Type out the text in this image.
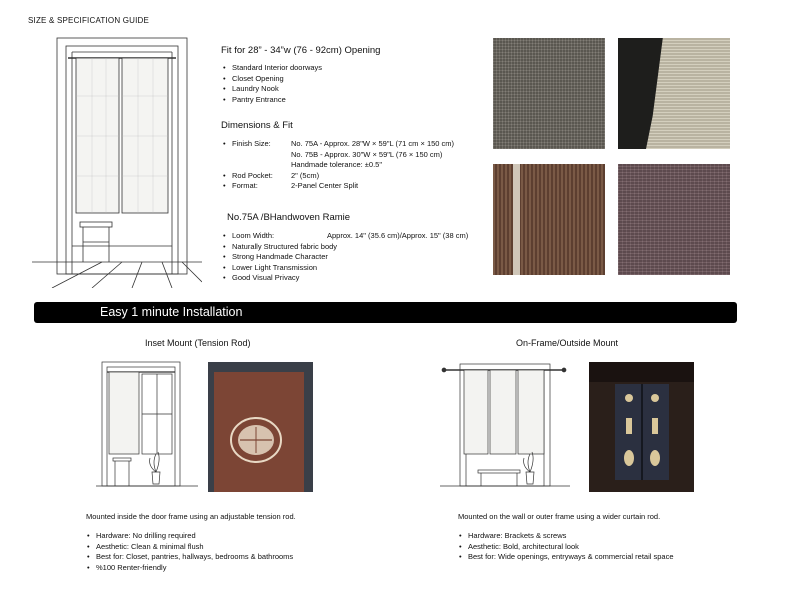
SIZE & SPECIFICATION GUIDE
Fit for 28” - 34”w (76 - 92cm) Opening
• Standard Interior doorways
• Closet Opening
• Laundry Nook
• Pantry Entrance
Dimensions & Fit
Finish Size:	No. 75A - Approx. 28"W × 59"L (71 cm × 150 cm)
No. 75B - Approx. 30"W × 59"L (76 × 150 cm)
Handmade tolerance: ±0.5"
Rod Pocket: 2" (5cm)
Format:	2-Panel Center Split
•
•
•
No.75A /BHandwoven Ramie
• Loom Width:	Approx. 14" (35.6 cm)/Approx. 15" (38 cm)
• Naturally Structured fabric body
• Strong Handmade Character
• Lower Light Transmission
• Good Visual Privacy
Easy 1 minute Installation
Inset Mount (Tension Rod)
Mounted inside the door frame using an adjustable tension rod.
• Hardware: No drilling required
• Aesthetic: Clean & minimal flush
• Best for: Closet, pantries, hallways, bedrooms & bathrooms
• %100 Renter-friendly
On-Frame/Outside Mount
Mounted on the wall or outer frame using a wider curtain rod.
• Hardware: Brackets & screws
• Aesthetic: Bold, architectural look
• Best for: Wide openings, entryways & commercial retail space
